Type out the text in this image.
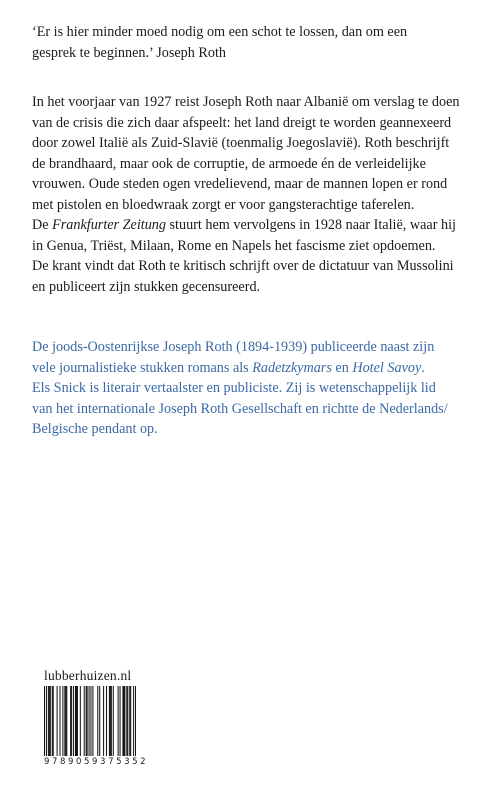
‘Er is hier minder moed nodig om een schot te lossen, dan om een
gesprek te beginnen.’ Joseph Roth
In het voorjaar van 1927 reist Joseph Roth naar Albanië om verslag te doen
van de crisis die zich daar afspeelt: het land dreigt te worden geannexeerd
door zowel Italië als Zuid-Slavië (toenmalig Joegoslavië). Roth beschrijft
de brandhaard, maar ook de corruptie, de armoede én de verleidelijke
vrouwen. Oude steden ogen vredelievend, maar de mannen lopen er rond
met pistolen en bloedwraak zorgt er voor gangsterachtige taferelen.
De Frankfurter Zeitung stuurt hem vervolgens in 1928 naar Italië, waar hij
in Genua, Triëst, Milaan, Rome en Napels het fascisme ziet opdoemen.
De krant vindt dat Roth te kritisch schrijft over de dictatuur van Mussolini
en publiceert zijn stukken gecensureerd.
De joods-Oostenrijkse Joseph Roth (1894-1939) publiceerde naast zijn
vele journalistieke stukken romans als Radetzkymars en Hotel Savoy.
Els Snick is literair vertaalster en publiciste. Zij is wetenschappelijk lid
van het internationale Joseph Roth Gesellschaft en richtte de Nederlands/
Belgische pendant op.
lubberhuizen.nl
9789059375352
